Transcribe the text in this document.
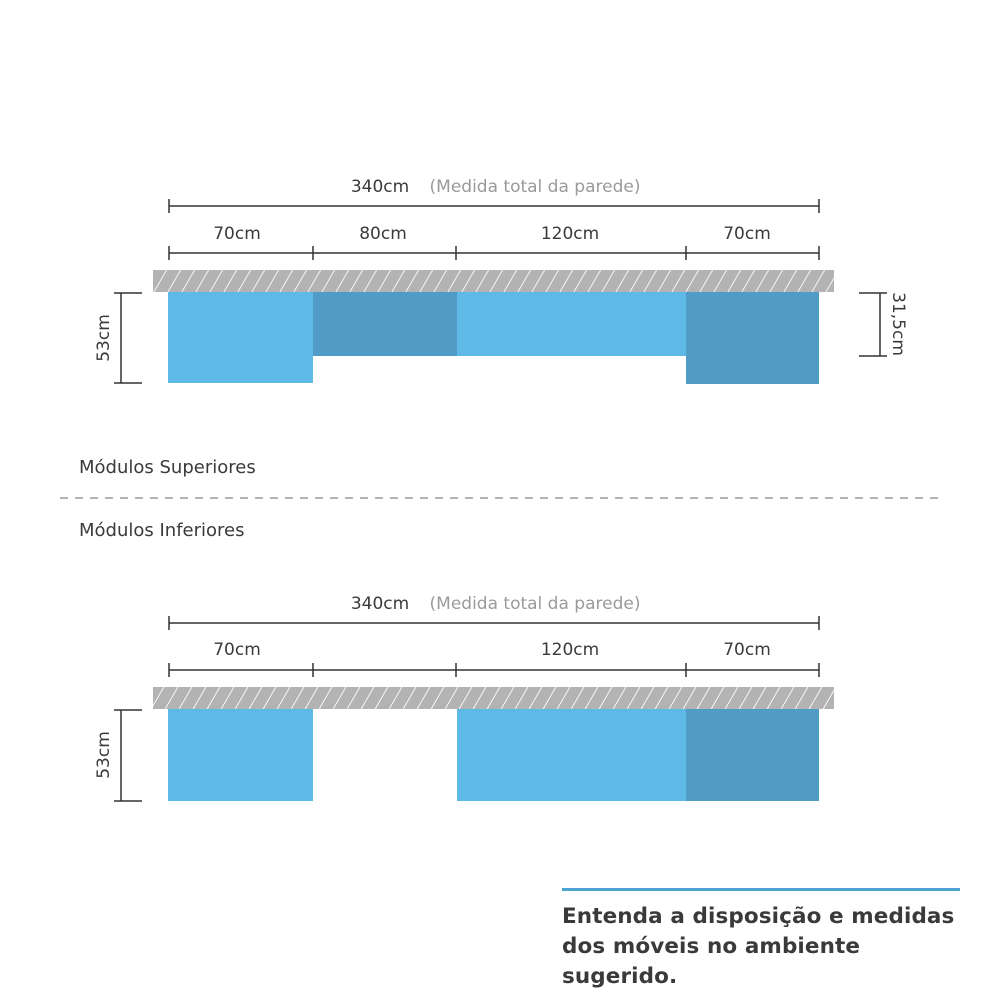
340cm (Medida total da parede)
70cm	80cm	120cm	70cm
53cm	31,5cm
340cm (Medida total da parede)
70cm	120cm	70cm
53cm
Módulos Superiores
Módulos Inferiores
Entenda a disposição e medidas
dos móveis no ambiente sugerido.
